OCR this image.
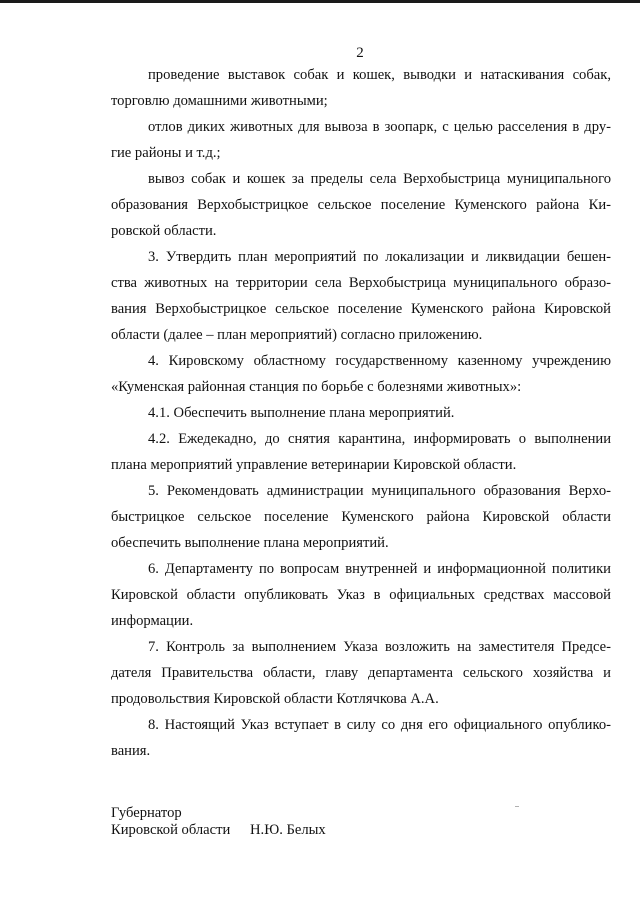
2
проведение выставок собак и кошек, выводки и натаскивания собак,
торговлю домашними животными;
отлов диких животных для вывоза в зоопарк, с целью расселения в дру-
гие районы и т.д.;
вывоз собак и кошек за пределы села Верхобыстрица муниципального
образования Верхобыстрицкое сельское поселение Куменского района Ки-
ровской области.
3. Утвердить план мероприятий по локализации и ликвидации бешен-
ства животных на территории села Верхобыстрица муниципального образо-
вания Верхобыстрицкое сельское поселение Куменского района Кировской
области (далее – план мероприятий) согласно приложению.
4. Кировскому областному государственному казенному учреждению
«Куменская районная станция по борьбе с болезнями животных»:
4.1. Обеспечить выполнение плана мероприятий.
4.2. Ежедекадно, до снятия карантина, информировать о выполнении
плана мероприятий управление ветеринарии Кировской области.
5. Рекомендовать администрации муниципального образования Верхо-
быстрицкое сельское поселение Куменского района Кировской области
обеспечить выполнение плана мероприятий.
6. Департаменту по вопросам внутренней и информационной политики
Кировской области опубликовать Указ в официальных средствах массовой
информации.
7. Контроль за выполнением Указа возложить на заместителя Предсе-
дателя Правительства области, главу департамента сельского хозяйства и
продовольствия Кировской области Котлячкова А.А.
8. Настоящий Указ вступает в силу со дня его официального опублико-
вания.
Губернатор
Кировской области Н.Ю. Белых
